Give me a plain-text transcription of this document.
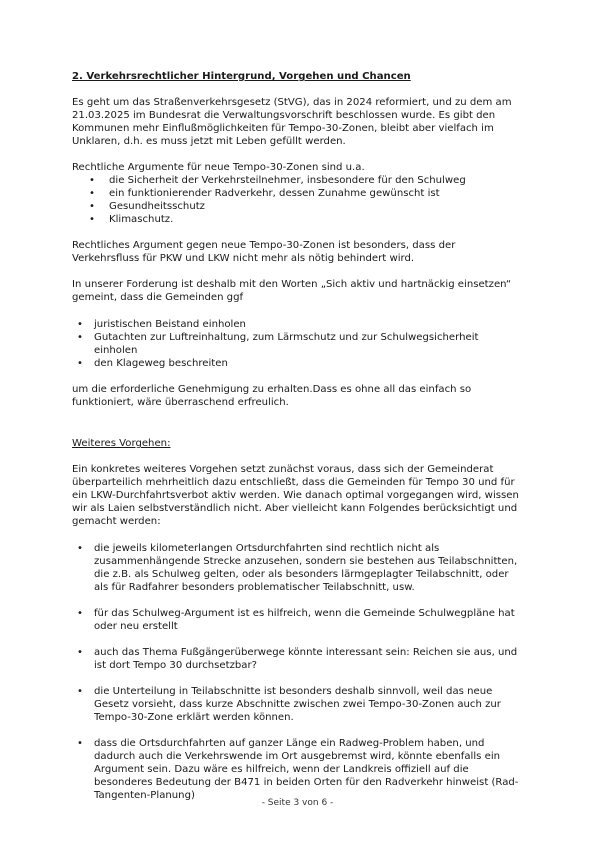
2. Verkehrsrechtlicher Hintergrund, Vorgehen und Chancen

Es geht um das Straßenverkehrsgesetz (StVG), das in 2024 reformiert, und zu dem am 21.03.2025 im Bundesrat die Verwaltungsvorschrift beschlossen wurde. Es gibt den Kommunen mehr Einflußmöglichkeiten für Tempo-30-Zonen, bleibt aber vielfach im Unklaren, d.h. es muss jetzt mit Leben gefüllt werden.

Rechtliche Argumente für neue Tempo-30-Zonen sind u.a.

• die Sicherheit der Verkehrsteilnehmer, insbesondere für den Schulweg
• ein funktionierender Radverkehr, dessen Zunahme gewünscht ist
• Gesundheitsschutz
• Klimaschutz.

Rechtliches Argument gegen neue Tempo-30-Zonen ist besonders, dass der Verkehrsfluss für PKW und LKW nicht mehr als nötig behindert wird.

In unserer Forderung ist deshalb mit den Worten „Sich aktiv und hartnäckig einsetzen“ gemeint, dass die Gemeinden ggf

• juristischen Beistand einholen
• Gutachten zur Luftreinhaltung, zum Lärmschutz und zur Schulwegsicherheit einholen
• den Klageweg beschreiten

um die erforderliche Genehmigung zu erhalten.Dass es ohne all das einfach so funktioniert, wäre überraschend erfreulich.

Weiteres Vorgehen:

Ein konkretes weiteres Vorgehen setzt zunächst voraus, dass sich der Gemeinderat überparteilich mehrheitlich dazu entschließt, dass die Gemeinden für Tempo 30 und für ein LKW-Durchfahrtsverbot aktiv werden. Wie danach optimal vorgegangen wird, wissen wir als Laien selbstverständlich nicht. Aber vielleicht kann Folgendes berücksichtigt und gemacht werden:

• die jeweils kilometerlangen Ortsdurchfahrten sind rechtlich nicht als zusammenhängende Strecke anzusehen, sondern sie bestehen aus Teilabschnitten, die z.B. als Schulweg gelten, oder als besonders lärmgeplagter Teilabschnitt, oder als für Radfahrer besonders problematischer Teilabschnitt, usw.
• für das Schulweg-Argument ist es hilfreich, wenn die Gemeinde Schulwegpläne hat oder neu erstellt
• auch das Thema Fußgängerüberwege könnte interessant sein: Reichen sie aus, und ist dort Tempo 30 durchsetzbar?
• die Unterteilung in Teilabschnitte ist besonders deshalb sinnvoll, weil das neue Gesetz vorsieht, dass kurze Abschnitte zwischen zwei Tempo-30-Zonen auch zur Tempo-30-Zone erklärt werden können.
• dass die Ortsdurchfahrten auf ganzer Länge ein Radweg-Problem haben, und dadurch auch die Verkehrswende im Ort ausgebremst wird, könnte ebenfalls ein Argument sein. Dazu wäre es hilfreich, wenn der Landkreis offiziell auf die besonderes Bedeutung der B471 in beiden Orten für den Radverkehr hinweist (Rad-Tangenten-Planung)
- Seite 3 von 6 -
